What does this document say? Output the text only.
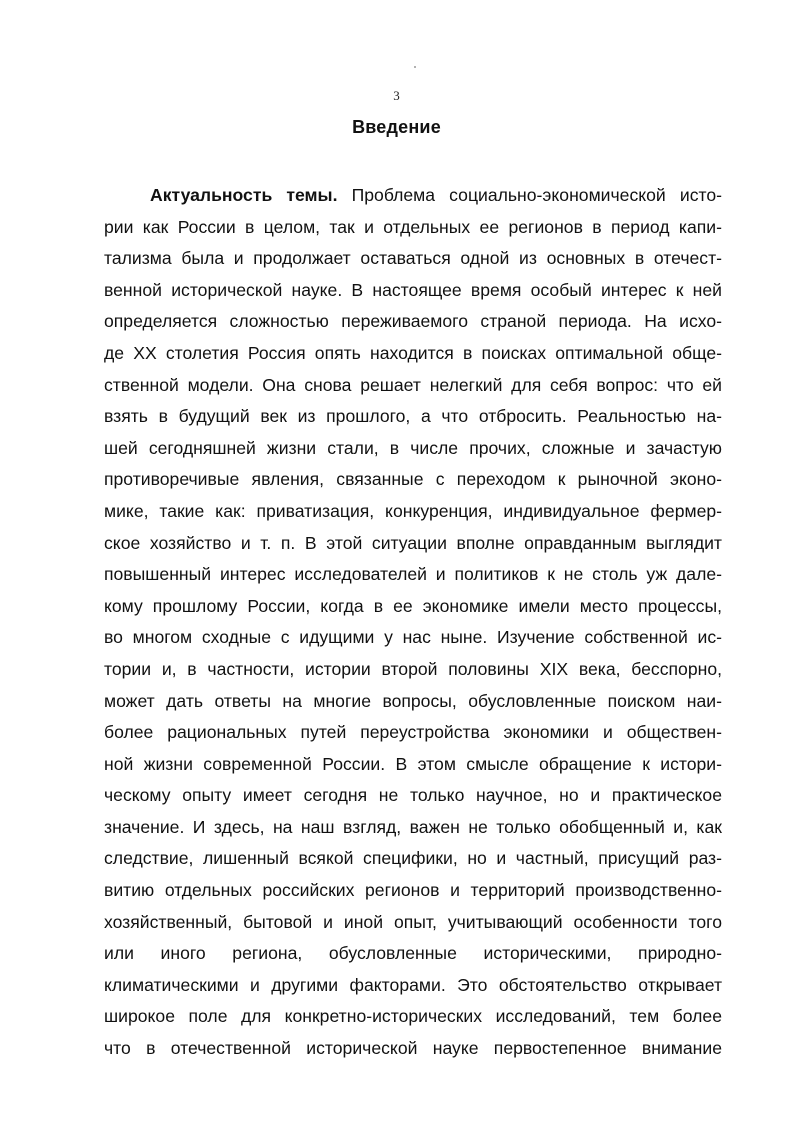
3
Введение
Актуальность темы. Проблема социально-экономической исто-
рии как России в целом, так и отдельных ее регионов в период капи-
тализма была и продолжает оставаться одной из основных в отечест-
венной исторической науке. В настоящее время особый интерес к ней
определяется сложностью переживаемого страной периода. На исхо-
де XX столетия Россия опять находится в поисках оптимальной обще-
ственной модели. Она снова решает нелегкий для себя вопрос: что ей
взять в будущий век из прошлого, а что отбросить. Реальностью на-
шей сегодняшней жизни стали, в числе прочих, сложные и зачастую
противоречивые явления, связанные с переходом к рыночной эконо-
мике, такие как: приватизация, конкуренция, индивидуальное фермер-
ское хозяйство и т. п. В этой ситуации вполне оправданным выглядит
повышенный интерес исследователей и политиков к не столь уж дале-
кому прошлому России, когда в ее экономике имели место процессы,
во многом сходные с идущими у нас ныне. Изучение собственной ис-
тории и, в частности, истории второй половины XIX века, бесспорно,
может дать ответы на многие вопросы, обусловленные поиском наи-
более рациональных путей переустройства экономики и обществен-
ной жизни современной России. В этом смысле обращение к истори-
ческому опыту имеет сегодня не только научное, но и практическое
значение. И здесь, на наш взгляд, важен не только обобщенный и, как
следствие, лишенный всякой специфики, но и частный, присущий раз-
витию отдельных российских регионов и территорий производственно-
хозяйственный, бытовой и иной опыт, учитывающий особенности того
или иного региона, обусловленные историческими, природно-
климатическими и другими факторами. Это обстоятельство открывает
широкое поле для конкретно-исторических исследований, тем более
что в отечественной исторической науке первостепенное внимание
